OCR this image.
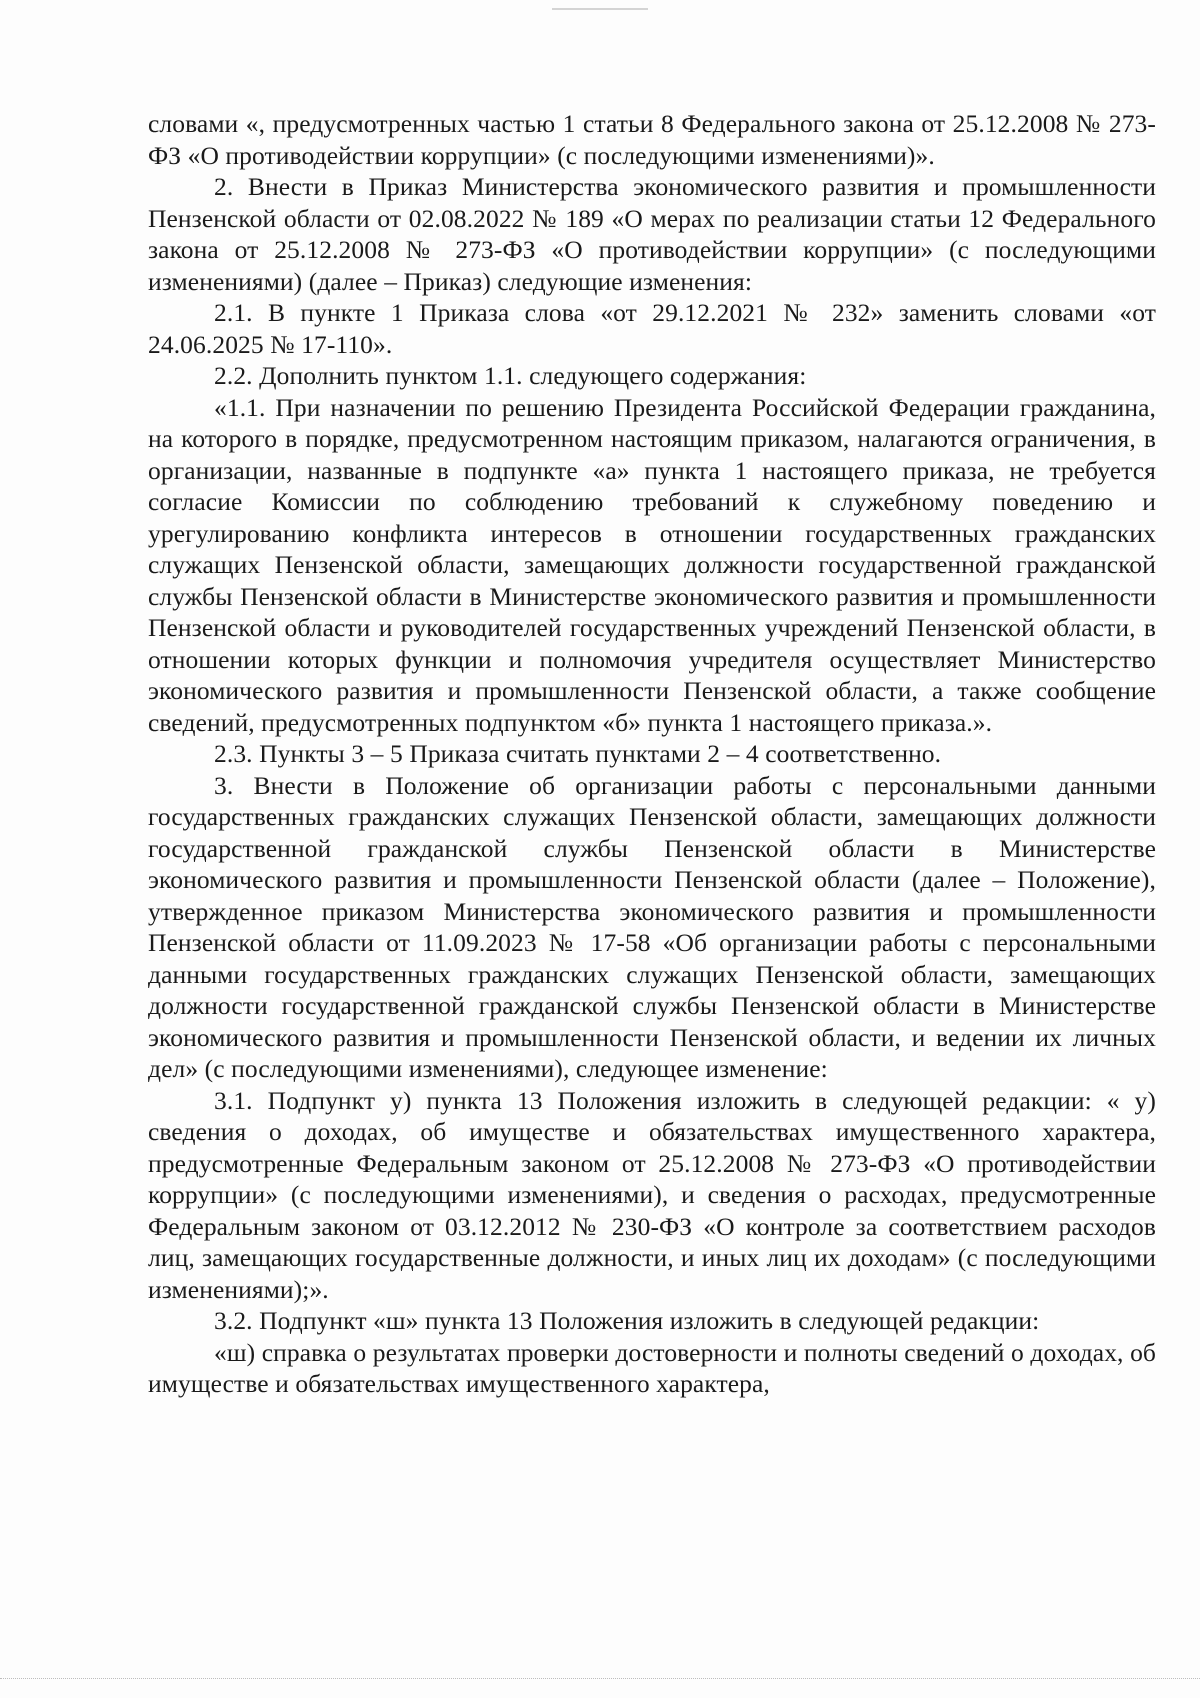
словами «, предусмотренных частью 1 статьи 8 Федерального закона от 25.12.2008 № 273-ФЗ «О противодействии коррупции» (с последующими изменениями)».

2. Внести в Приказ Министерства экономического развития и промышленности Пензенской области от 02.08.2022 № 189 «О мерах по реализации статьи 12 Федерального закона от 25.12.2008 № 273-ФЗ «О противодействии коррупции» (с последующими изменениями) (далее – Приказ) следующие изменения:

2.1. В пункте 1 Приказа слова «от 29.12.2021 № 232» заменить словами «от 24.06.2025 № 17-110».

2.2. Дополнить пунктом 1.1. следующего содержания:

«1.1. При назначении по решению Президента Российской Федерации гражданина, на которого в порядке, предусмотренном настоящим приказом, налагаются ограничения, в организации, названные в подпункте «а» пункта 1 настоящего приказа, не требуется согласие Комиссии по соблюдению требований к служебному поведению и урегулированию конфликта интересов в отношении государственных гражданских служащих Пензенской области, замещающих должности государственной гражданской службы Пензенской области в Министерстве экономического развития и промышленности Пензенской области и руководителей государственных учреждений Пензенской области, в отношении которых функции и полномочия учредителя осуществляет Министерство экономического развития и промышленности Пензенской области, а также сообщение сведений, предусмотренных подпунктом «б» пункта 1 настоящего приказа.».

2.3. Пункты 3 – 5 Приказа считать пунктами 2 – 4 соответственно.

3. Внести в Положение об организации работы с персональными данными государственных гражданских служащих Пензенской области, замещающих должности государственной гражданской службы Пензенской области в Министерстве экономического развития и промышленности Пензенской области (далее – Положение), утвержденное приказом Министерства экономического развития и промышленности Пензенской области от 11.09.2023 № 17-58 «Об организации работы с персональными данными государственных гражданских служащих Пензенской области, замещающих должности государственной гражданской службы Пензенской области в Министерстве экономического развития и промышленности Пензенской области, и ведении их личных дел» (с последующими изменениями), следующее изменение:

3.1. Подпункт у) пункта 13 Положения изложить в следующей редакции: « у) сведения о доходах, об имуществе и обязательствах имущественного характера, предусмотренные Федеральным законом от 25.12.2008 № 273-ФЗ «О противодействии коррупции» (с последующими изменениями), и сведения о расходах, предусмотренные Федеральным законом от 03.12.2012 № 230-ФЗ «О контроле за соответствием расходов лиц, замещающих государственные должности, и иных лиц их доходам» (с последующими изменениями);».

3.2. Подпункт «ш» пункта 13 Положения изложить в следующей редакции:

«ш) справка о результатах проверки достоверности и полноты сведений о доходах, об имуществе и обязательствах имущественного характера,
